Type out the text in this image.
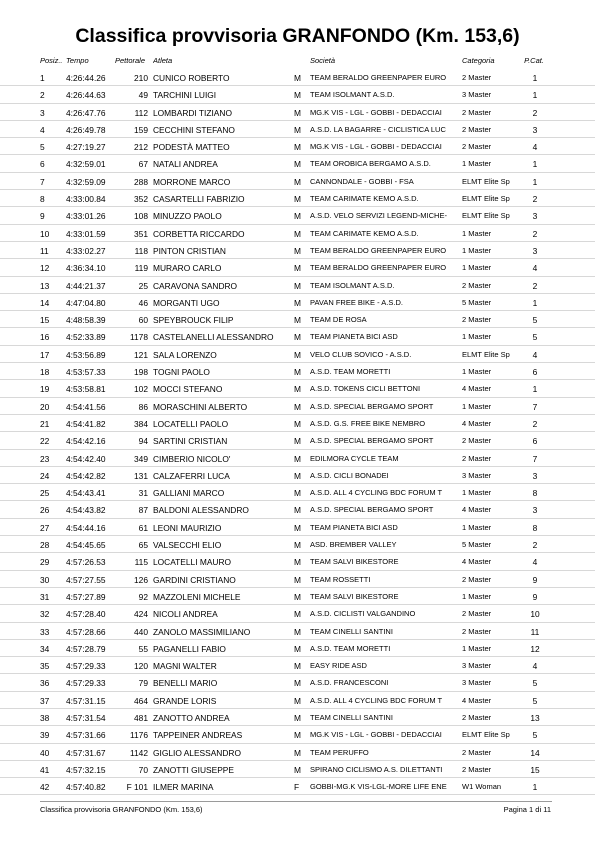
Classifica provvisoria GRANFONDO (Km. 153,6)
Posiz.. Tempo	Pettorale	Atleta	Società	Categoria	P.Cat.
1	4:26:44.26	210 CUNICO ROBERTO	M	TEAM BERALDO GREENPAPER EURO	2 Master	1
2	4:26:44.63	49 TARCHINI LUIGI	M	TEAM ISOLMANT A.S.D.	3 Master	1
3	4:26:47.76	112 LOMBARDI TIZIANO	M	MG.K VIS - LGL - GOBBI - DEDACCIAI	2 Master	2
4	4:26:49.78	159 CECCHINI STEFANO	M	A.S.D. LA BAGARRE - CICLISTICA LUC	2 Master	3
5	4:27:19.27	212 PODESTÀ MATTEO	M	MG.K VIS - LGL - GOBBI - DEDACCIAI	2 Master	4
6	4:32:59.01	67 NATALI ANDREA	M	TEAM OROBICA BERGAMO A.S.D.	1 Master	1
7	4:32:59.09	288 MORRONE MARCO	M	CANNONDALE - GOBBI - FSA	ELMT Elite Sp	1
8	4:33:00.84	352 CASARTELLI FABRIZIO	M	TEAM CARIMATE KEMO A.S.D.	ELMT Elite Sp	2
9	4:33:01.26	108 MINUZZO PAOLO	M	A.S.D. VELO SERVIZI LEGEND-MICHE-	ELMT Elite Sp	3
10	4:33:01.59	351 CORBETTA RICCARDO	M	TEAM CARIMATE KEMO A.S.D.	1 Master	2
11	4:33:02.27	118 PINTON CRISTIAN	M	TEAM BERALDO GREENPAPER EURO	1 Master	3
12	4:36:34.10	119 MURARO CARLO	M	TEAM BERALDO GREENPAPER EURO	1 Master	4
13	4:44:21.37	25 CARAVONA SANDRO	M	TEAM ISOLMANT A.S.D.	2 Master	2
14	4:47:04.80	46 MORGANTI UGO	M	PAVAN FREE BIKE - A.S.D.	5 Master	1
15	4:48:58.39	60 SPEYBROUCK FILIP	M	TEAM DE ROSA	2 Master	5
16	4:52:33.89	1178 CASTELANELLI ALESSANDRO	M	TEAM PIANETA BICI ASD	1 Master	5
17	4:53:56.89	121 SALA LORENZO	M	VELO CLUB SOVICO - A.S.D.	ELMT Elite Sp	4
18	4:53:57.33	198 TOGNI PAOLO	M	A.S.D. TEAM MORETTI	1 Master	6
19	4:53:58.81	102 MOCCI STEFANO	M	A.S.D. TOKENS CICLI BETTONI	4 Master	1
20	4:54:41.56	86 MORASCHINI ALBERTO	M	A.S.D. SPECIAL BERGAMO SPORT	1 Master	7
21	4:54:41.82	384 LOCATELLI PAOLO	M	A.S.D. G.S. FREE BIKE NEMBRO	4 Master	2
22	4:54:42.16	94 SARTINI CRISTIAN	M	A.S.D. SPECIAL BERGAMO SPORT	2 Master	6
23	4:54:42.40	349 CIMBERIO NICOLO'	M	EDILMORA CYCLE TEAM	2 Master	7
24	4:54:42.82	131 CALZAFERRI LUCA	M	A.S.D. CICLI BONADEI	3 Master	3
25	4:54:43.41	31 GALLIANI MARCO	M	A.S.D. ALL 4 CYCLING BDC FORUM T	1 Master	8
26	4:54:43.82	87 BALDONI ALESSANDRO	M	A.S.D. SPECIAL BERGAMO SPORT	4 Master	3
27	4:54:44.16	61 LEONI MAURIZIO	M	TEAM PIANETA BICI ASD	1 Master	8
28	4:54:45.65	65 VALSECCHI ELIO	M	ASD. BREMBER VALLEY	5 Master	2
29	4:57:26.53	115 LOCATELLI MAURO	M	TEAM SALVI BIKESTORE	4 Master	4
30	4:57:27.55	126 GARDINI CRISTIANO	M	TEAM ROSSETTI	2 Master	9
31	4:57:27.89	92 MAZZOLENI MICHELE	M	TEAM SALVI BIKESTORE	1 Master	9
32	4:57:28.40	424 NICOLI ANDREA	M	A.S.D. CICLISTI VALGANDINO	2 Master	10
33	4:57:28.66	440 ZANOLO MASSIMILIANO	M	TEAM CINELLI SANTINI	2 Master	11
34	4:57:28.79	55 PAGANELLI FABIO	M	A.S.D. TEAM MORETTI	1 Master	12
35	4:57:29.33	120 MAGNI WALTER	M	EASY RIDE ASD	3 Master	4
36	4:57:29.33	79 BENELLI MARIO	M	A.S.D. FRANCESCONI	3 Master	5
37	4:57:31.15	464 GRANDE LORIS	M	A.S.D. ALL 4 CYCLING BDC FORUM T	4 Master	5
38	4:57:31.54	481 ZANOTTO ANDREA	M	TEAM CINELLI SANTINI	2 Master	13
39	4:57:31.66	1176 TAPPEINER ANDREAS	M	MG.K VIS - LGL - GOBBI - DEDACCIAI	ELMT Elite Sp	5
40	4:57:31.67	1142 GIGLIO ALESSANDRO	M	TEAM PERUFFO	2 Master	14
41	4:57:32.15	70 ZANOTTI GIUSEPPE	M	SPIRANO CICLISMO A.S. DILETTANTI	2 Master	15
42	4:57:40.82	F 101 ILMER MARINA	F	GOBBI-MG.K VIS-LGL-MORE LIFE ENE	W1 Woman	1
Classifica provvisoria GRANFONDO (Km. 153,6)	Pagina 1 di 11
